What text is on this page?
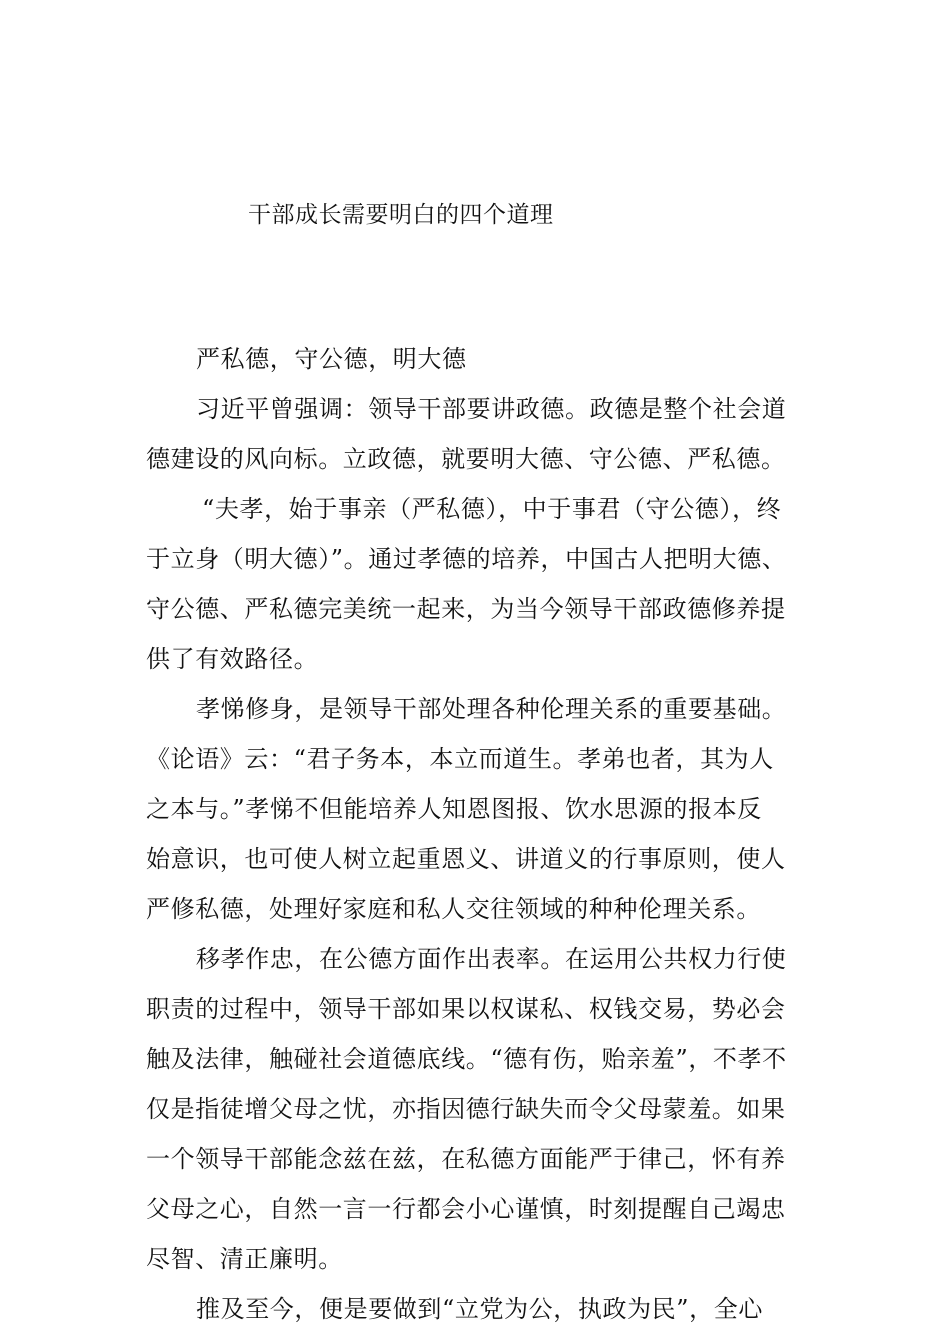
干部成长需要明白的四个道理
严私德，守公德，明大德
习近平曾强调：领导干部要讲政德。政德是整个社会道
德建设的风向标。立政德，就要明大德、守公德、严私德。
“夫孝，始于事亲（严私德），中于事君（守公德），终
于立身（明大德）”。通过孝德的培养，中国古人把明大德、
守公德、严私德完美统一起来，为当今领导干部政德修养提
供了有效路径。
孝悌修身，是领导干部处理各种伦理关系的重要基础。
《论语》云：“君子务本，本立而道生。孝弟也者，其为人
之本与。”孝悌不但能培养人知恩图报、饮水思源的报本反
始意识，也可使人树立起重恩义、讲道义的行事原则，使人
严修私德，处理好家庭和私人交往领域的种种伦理关系。
移孝作忠，在公德方面作出表率。在运用公共权力行使
职责的过程中，领导干部如果以权谋私、权钱交易，势必会
触及法律，触碰社会道德底线。“德有伤，贻亲羞”，不孝不
仅是指徒增父母之忧，亦指因德行缺失而令父母蒙羞。如果
一个领导干部能念兹在兹，在私德方面能严于律己，怀有养
父母之心，自然一言一行都会小心谨慎，时刻提醒自己竭忠
尽智、清正廉明。
推及至今，便是要做到“立党为公，执政为民”，全心
